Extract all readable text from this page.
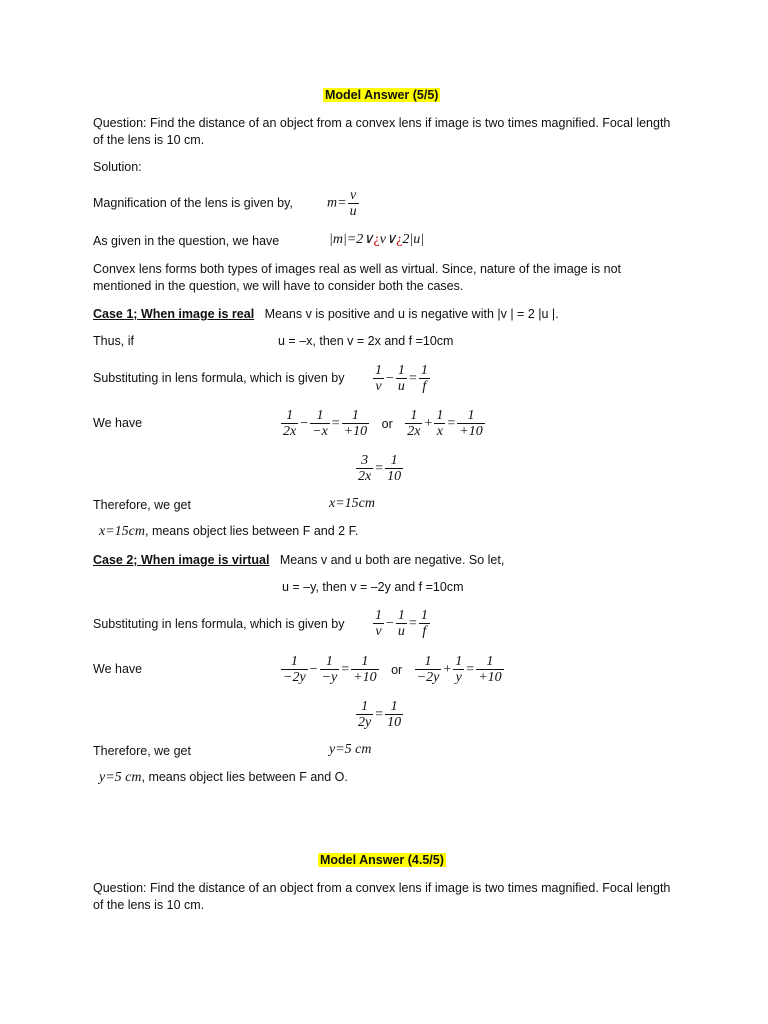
Model Answer (5/5)
Question: Find the distance of an object from a convex lens if image is two times magnified. Focal length of the lens is 10 cm.
Solution:
Magnification of the lens is given by, $m= \frac{v}{u}$
As given in the question, we have	|m|=2∨¿v∨¿2|u|
Convex lens forms both types of images real as well as virtual. Since, nature of the image is not mentioned in the question, we will have to consider both the cases.
Case 1; When image is real Means v is positive and u is negative with |v | = 2 |u |.
Thus, if	u = –x, then v = 2x and f =10cm
Substituting in lens formula, which is given by $\frac{1}{v} - \frac{1}{u} = \frac{1}{f}$
We have	$\frac{1}{2x} - \frac{1}{-x} = \frac{1}{+10}$ or $\frac{1}{2x} + \frac{1}{x} = \frac{1}{+10}$
$\frac{3}{2x} = \frac{1}{10}$
Therefore, we get	x=15cm
x=15cm, means object lies between F and 2 F.
Case 2; When image is virtual Means v and u both are negative. So let,
u = –y, then v = –2y and f =10cm
Substituting in lens formula, which is given by $\frac{1}{v} - \frac{1}{u} = \frac{1}{f}$
We have	$\frac{1}{-2y} - \frac{1}{-y} = \frac{1}{+10}$ or $\frac{1}{-2y} + \frac{1}{y} = \frac{1}{+10}$
$\frac{1}{2y} = \frac{1}{10}$
Therefore, we get	y=5 cm
y=5 cm, means object lies between F and O.
Model Answer (4.5/5)
Question: Find the distance of an object from a convex lens if image is two times magnified. Focal length of the lens is 10 cm.
